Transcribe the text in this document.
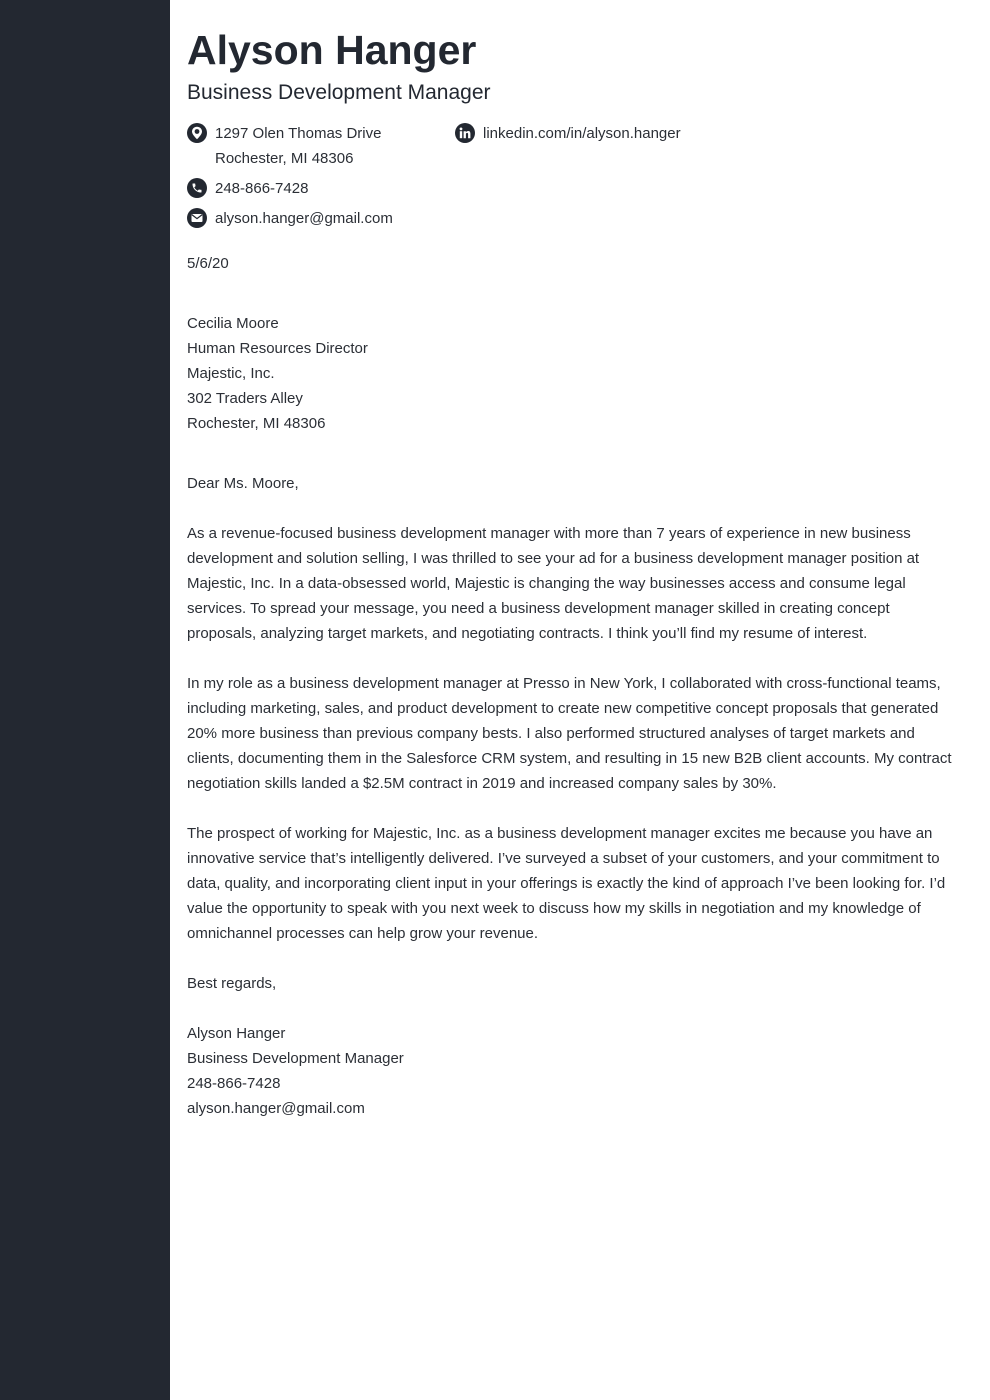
Alyson Hanger
Business Development Manager
1297 Olen Thomas Drive
Rochester, MI 48306
248-866-7428
alyson.hanger@gmail.com
linkedin.com/in/alyson.hanger

5/6/20

Cecilia Moore
Human Resources Director
Majestic, Inc.
302 Traders Alley
Rochester, MI 48306

Dear Ms. Moore,

As a revenue-focused business development manager with more than 7 years of experience in new business development and solution selling, I was thrilled to see your ad for a business development manager position at Majestic, Inc. In a data-obsessed world, Majestic is changing the way businesses access and consume legal services. To spread your message, you need a business development manager skilled in creating concept proposals, analyzing target markets, and negotiating contracts. I think you’ll find my resume of interest.

In my role as a business development manager at Presso in New York, I collaborated with cross-functional teams, including marketing, sales, and product development to create new competitive concept proposals that generated 20% more business than previous company bests. I also performed structured analyses of target markets and clients, documenting them in the Salesforce CRM system, and resulting in 15 new B2B client accounts. My contract negotiation skills landed a $2.5M contract in 2019 and increased company sales by 30%.

The prospect of working for Majestic, Inc. as a business development manager excites me because you have an innovative service that’s intelligently delivered. I’ve surveyed a subset of your customers, and your commitment to data, quality, and incorporating client input in your offerings is exactly the kind of approach I’ve been looking for. I’d value the opportunity to speak with you next week to discuss how my skills in negotiation and my knowledge of omnichannel processes can help grow your revenue.

Best regards,

Alyson Hanger
Business Development Manager
248-866-7428
alyson.hanger@gmail.com
